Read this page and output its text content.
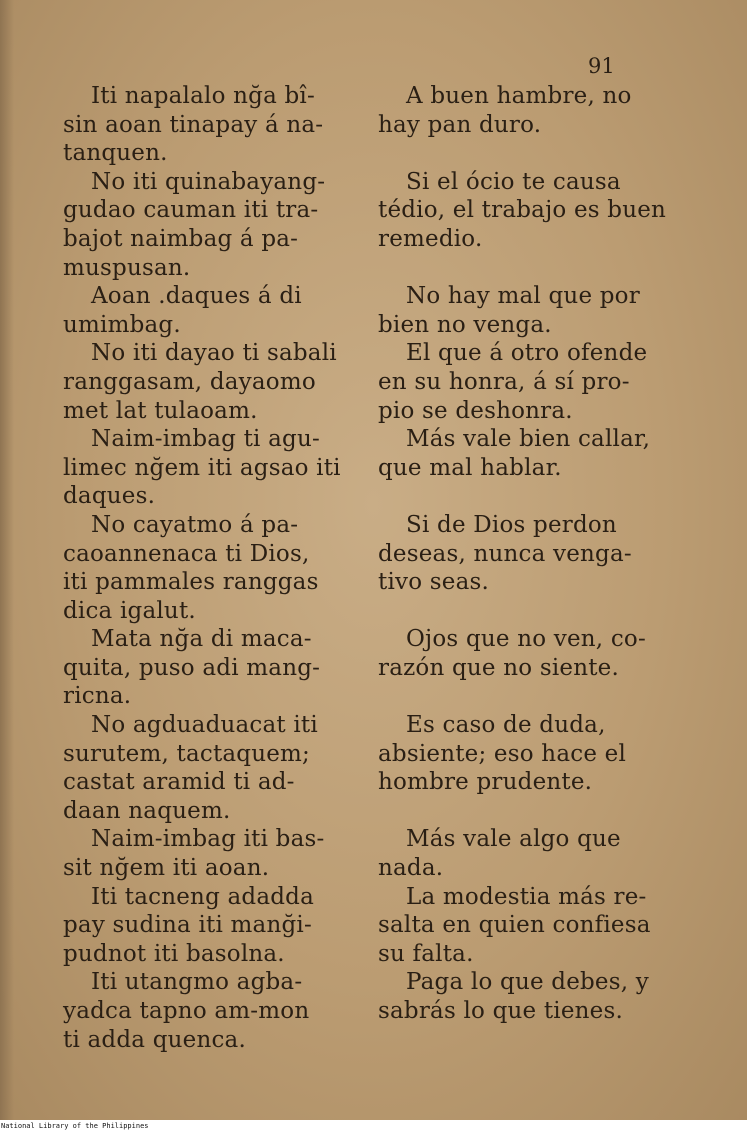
91
Iti napalalo nğa bî-
sin aoan tinapay á na-
tanquen.
No iti quinabayang-
gudao cauman iti tra-
bajot naimbag á pa-
muspusan.
Aoan .daques á di
umimbag.
No iti dayao ti sabali
ranggasam, dayaomo
met lat tulaoam.
Naim-imbag ti agu-
limec nğem iti agsao iti
daques.
No cayatmo á pa-
caoannenaca ti Dios,
iti pammales ranggas
dica igalut.
Mata nğa di maca-
quita, puso adi mang-
ricna.
No agduaduacat iti
surutem, tactaquem;
castat aramid ti ad-
daan naquem.
Naim-imbag iti bas-
sit nğem iti aoan.
Iti tacneng adadda
pay sudina iti manği-
pudnot iti basolna.
Iti utangmo agba-
yadca tapno am-mon
ti adda quenca.
A buen hambre, no
hay pan duro.
Si el ócio te causa
tédio, el trabajo es buen
remedio.
No hay mal que por
bien no venga.
El que á otro ofende
en su honra, á sí pro-
pio se deshonra.
Más vale bien callar,
que mal hablar.
Si de Dios perdon
deseas, nunca venga-
tivo seas.
Ojos que no ven, co-
razón que no siente.
Es caso de duda,
absiente; eso hace el
hombre prudente.
Más vale algo que
nada.
La modestia más re-
salta en quien confiesa
su falta.
Paga lo que debes, y
sabrás lo que tienes.
National Library of the Philippines
